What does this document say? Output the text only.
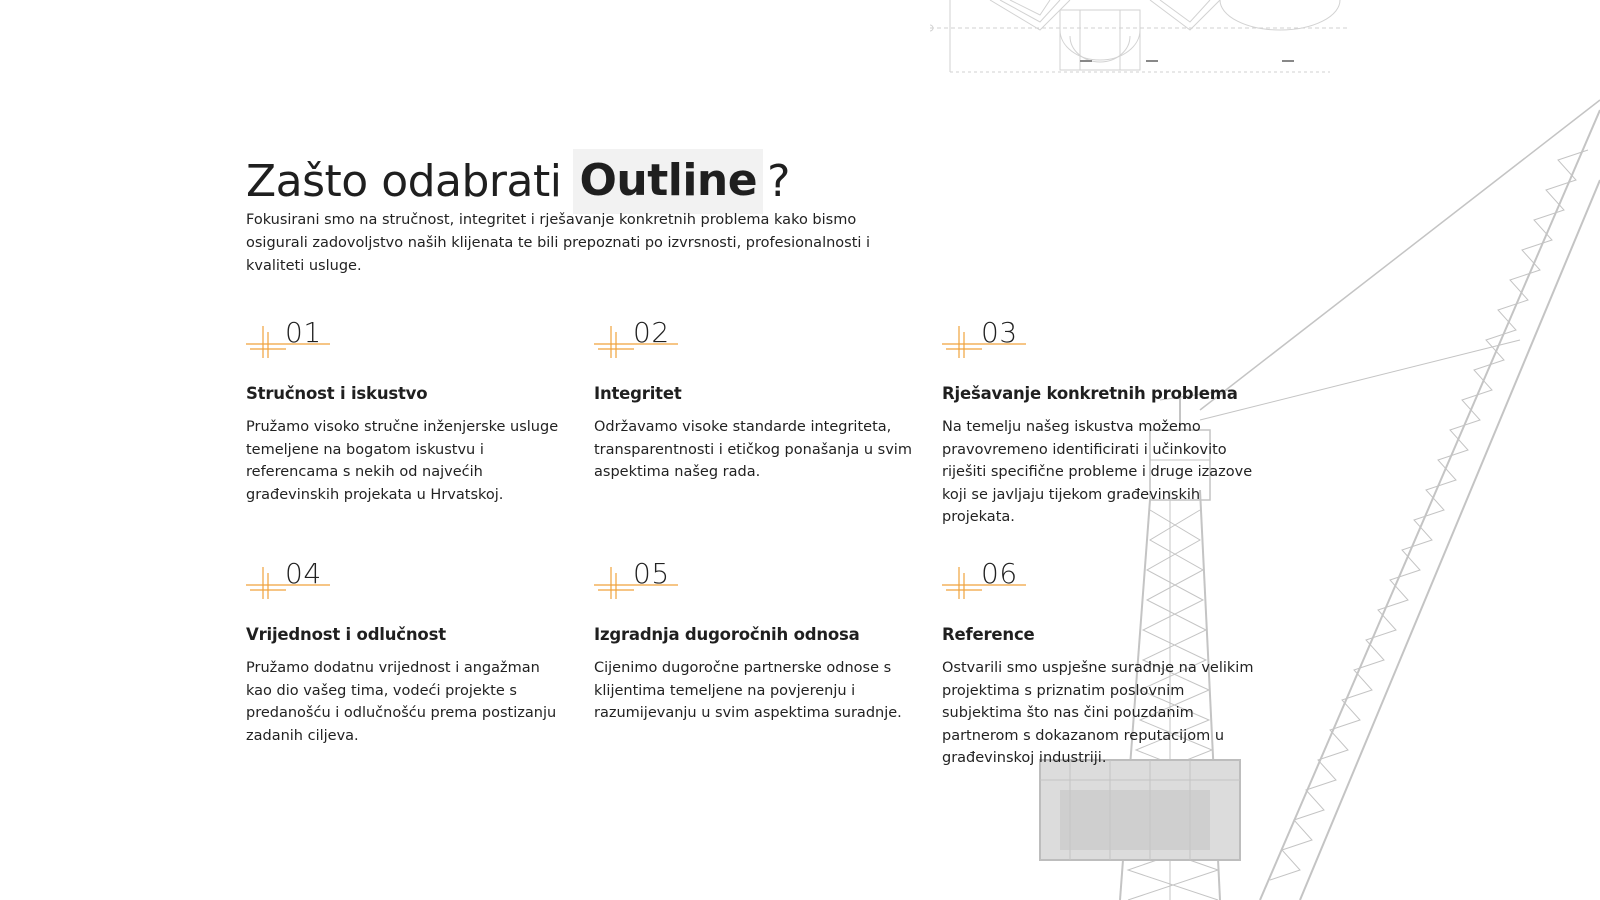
Zašto odabrati Outline ?
Fokusirani smo na stručnost, integritet i rješavanje konkretnih problema kako bismo osigurali zadovoljstvo naših klijenata te bili prepoznati po izvrsnosti, profesionalnosti i kvaliteti usluge.
01
Stručnost i iskustvo

Pružamo visoko stručne inženjerske usluge temeljene na bogatom iskustvu i referencama s nekih od najvećih građevinskih projekata u Hrvatskoj.

02
Integritet

Održavamo visoke standarde integriteta, transparentnosti i etičkog ponašanja u svim aspektima našeg rada.

03
Rješavanje konkretnih problema

Na temelju našeg iskustva možemo pravovremeno identificirati i učinkovito riješiti specifične probleme i druge izazove koji se javljaju tijekom građevinskih projekata.

04
Vrijednost i odlučnost

Pružamo dodatnu vrijednost i angažman kao dio vašeg tima, vodeći projekte s predanošću i odlučnošću prema postizanju zadanih ciljeva.

05
Izgradnja dugoročnih odnosa

Cijenimo dugoročne partnerske odnose s klijentima temeljene na povjerenju i razumijevanju u svim aspektima suradnje.

06
Reference

Ostvarili smo uspješne suradnje na velikim projektima s priznatim poslovnim subjektima što nas čini pouzdanim partnerom s dokazanom reputacijom u građevinskoj industriji.
